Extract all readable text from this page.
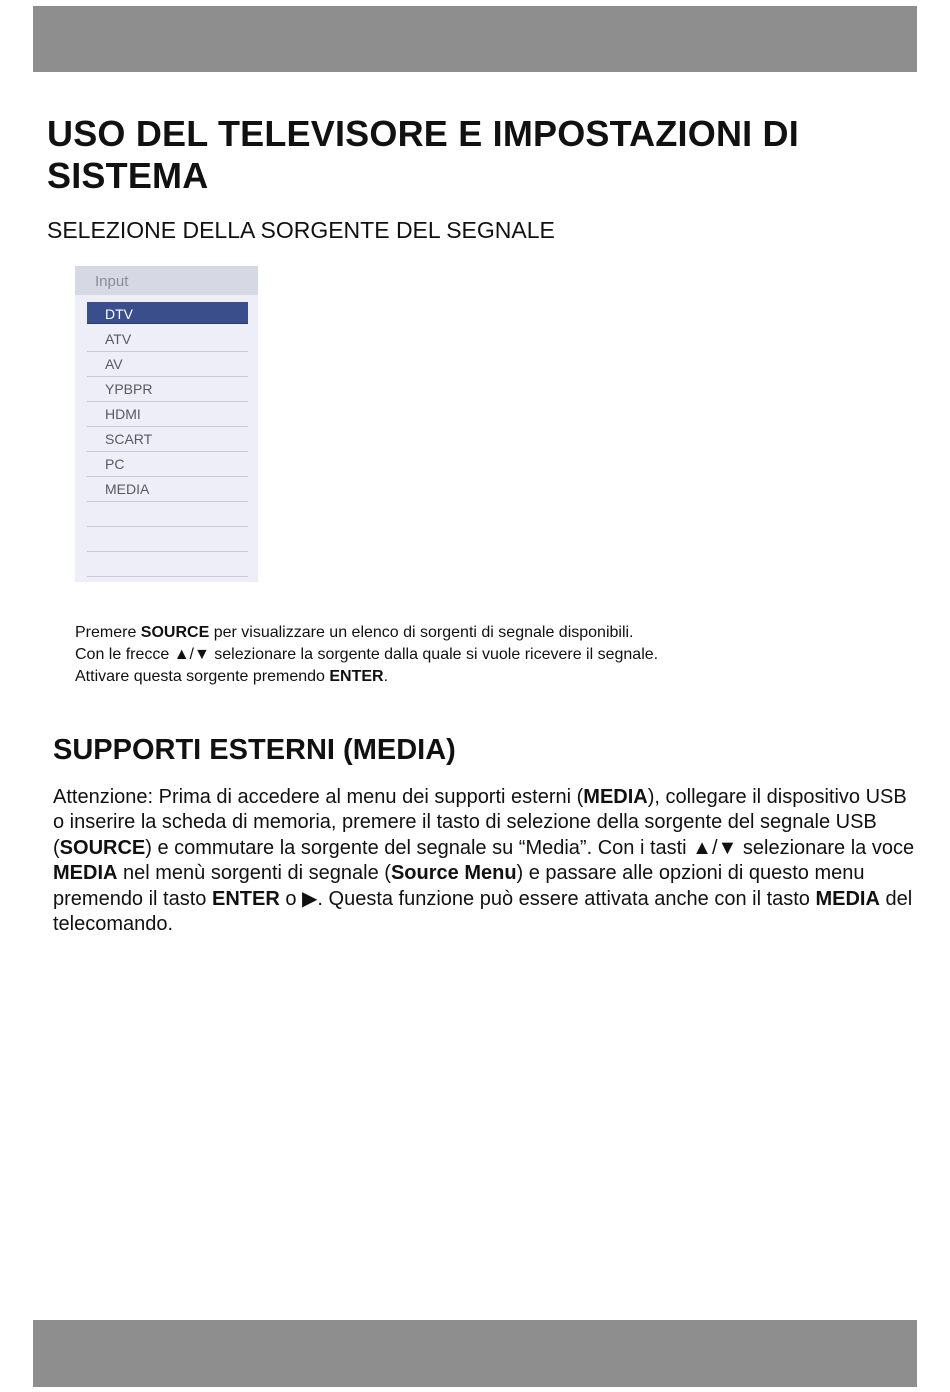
USO DEL TELEVISORE E IMPOSTAZIONI DI
SISTEMA
SELEZIONE DELLA SORGENTE DEL SEGNALE
Input
DTV
ATV
AV
YPBPR
HDMI
SCART
PC
MEDIA

Premere SOURCE per visualizzare un elenco di sorgenti di segnale disponibili.

Con le frecce ▲/▼ selezionare la sorgente dalla quale si vuole ricevere il segnale.

Attivare questa sorgente premendo ENTER.

SUPPORTI ESTERNI (MEDIA)

Attenzione: Prima di accedere al menu dei supporti esterni (MEDIA), collegare il dispositivo USB o inserire la scheda di memoria, premere il tasto di selezione della sorgente del segnale USB (SOURCE) e commutare la sorgente del segnale su “Media”. Con i tasti ▲/▼ selezionare la voce MEDIA nel menù sorgenti di segnale (Source Menu) e passare alle opzioni di questo menu premendo il tasto ENTER o ▶. Questa funzione può essere attivata anche con il tasto MEDIA del telecomando.
